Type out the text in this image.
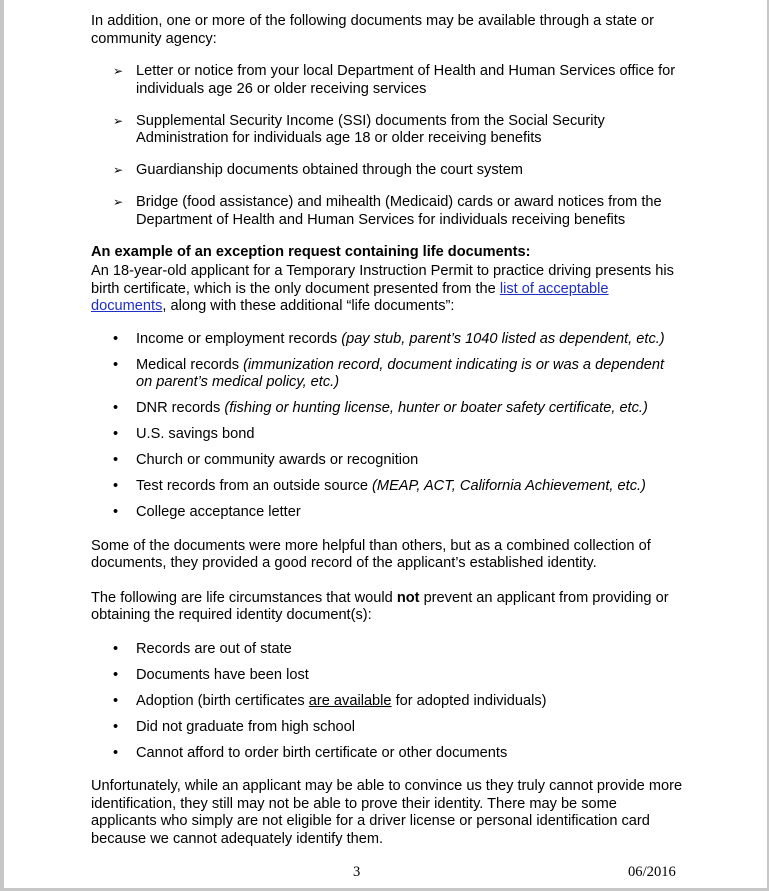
In addition, one or more of the following documents may be available through a state or community agency:

➢ Letter or notice from your local Department of Health and Human Services office for individuals age 26 or older receiving services
➢ Supplemental Security Income (SSI) documents from the Social Security Administration for individuals age 18 or older receiving benefits
➢ Guardianship documents obtained through the court system
➢ Bridge (food assistance) and mihealth (Medicaid) cards or award notices from the Department of Health and Human Services for individuals receiving benefits

An example of an exception request containing life documents:

An 18-year-old applicant for a Temporary Instruction Permit to practice driving presents his birth certificate, which is the only document presented from the list of acceptable documents, along with these additional “life documents”:

• Income or employment records (pay stub, parent’s 1040 listed as dependent, etc.)
• Medical records (immunization record, document indicating is or was a dependent on parent’s medical policy, etc.)
• DNR records (fishing or hunting license, hunter or boater safety certificate, etc.)
• U.S. savings bond
• Church or community awards or recognition
• Test records from an outside source (MEAP, ACT, California Achievement, etc.)
• College acceptance letter

Some of the documents were more helpful than others, but as a combined collection of documents, they provided a good record of the applicant’s established identity.

The following are life circumstances that would not prevent an applicant from providing or obtaining the required identity document(s):

• Records are out of state
• Documents have been lost
• Adoption (birth certificates are available for adopted individuals)
• Did not graduate from high school
• Cannot afford to order birth certificate or other documents

Unfortunately, while an applicant may be able to convince us they truly cannot provide more identification, they still may not be able to prove their identity. There may be some applicants who simply are not eligible for a driver license or personal identification card because we cannot adequately identify them.

3	06/2016
